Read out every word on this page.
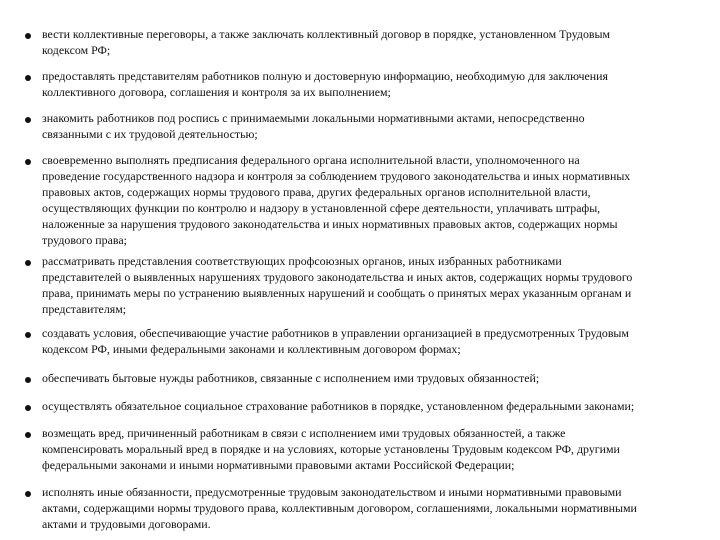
вести коллективные переговоры, а также заключать коллективный договор в порядке, установленном Трудовым
кодексом РФ;
предоставлять представителям работников полную и достоверную информацию, необходимую для заключения
коллективного договора, соглашения и контроля за их выполнением;
знакомить работников под роспись с принимаемыми локальными нормативными актами, непосредственно
связанными с их трудовой деятельностью;
своевременно выполнять предписания федерального органа исполнительной власти, уполномоченного на
проведение государственного надзора и контроля за соблюдением трудового законодательства и иных нормативных
правовых актов, содержащих нормы трудового права, других федеральных органов исполнительной власти,
осуществляющих функции по контролю и надзору в установленной сфере деятельности, уплачивать штрафы,
наложенные за нарушения трудового законодательства и иных нормативных правовых актов, содержащих нормы
трудового права;
рассматривать представления соответствующих профсоюзных органов, иных избранных работниками
представителей о выявленных нарушениях трудового законодательства и иных актов, содержащих нормы трудового
права, принимать меры по устранению выявленных нарушений и сообщать о принятых мерах указанным органам и
представителям;
создавать условия, обеспечивающие участие работников в управлении организацией в предусмотренных Трудовым
кодексом РФ, иными федеральными законами и коллективным договором формах;
обеспечивать бытовые нужды работников, связанные с исполнением ими трудовых обязанностей;
осуществлять обязательное социальное страхование работников в порядке, установленном федеральными законами;
возмещать вред, причиненный работникам в связи с исполнением ими трудовых обязанностей, а также
компенсировать моральный вред в порядке и на условиях, которые установлены Трудовым кодексом РФ, другими
федеральными законами и иными нормативными правовыми актами Российской Федерации;
исполнять иные обязанности, предусмотренные трудовым законодательством и иными нормативными правовыми
актами, содержащими нормы трудового права, коллективным договором, соглашениями, локальными нормативными
актами и трудовыми договорами.
